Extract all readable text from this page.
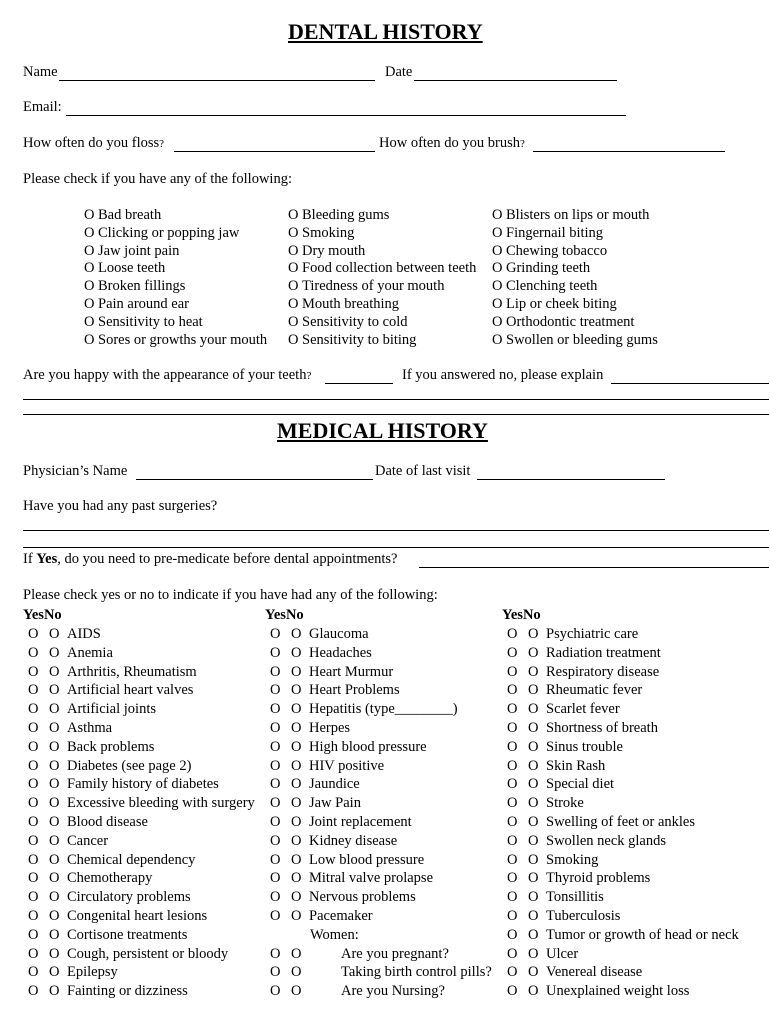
DENTAL HISTORY
Name	Date
Email:
How often do you floss?	How often do you brush?
Please check if you have any of the following:
O Bad breath
O Clicking or popping jaw
O Jaw joint pain
O Loose teeth
O Broken fillings
O Pain around ear
O Sensitivity to heat
O Sores or growths your mouth
O Bleeding gums
O Smoking
O Dry mouth
O Food collection between teeth
O Tiredness of your mouth
O Mouth breathing
O Sensitivity to cold
O Sensitivity to biting
O Blisters on lips or mouth
O Fingernail biting
O Chewing tobacco
O Grinding teeth
O Clenching teeth
O Lip or cheek biting
O Orthodontic treatment
O Swollen or bleeding gums
Are you happy with the appearance of your teeth?	If you answered no, please explain
MEDICAL HISTORY
Physician’s Name	Date of last visit
Have you had any past surgeries?
If Yes, do you need to pre-medicate before dental appointments?
Please check yes or no to indicate if you have had any of the following:
YesNo	YesNo	YesNo
O O AIDS
O O Anemia
O O Arthritis, Rheumatism
O O Artificial heart valves
O O Artificial joints
O O Asthma
O O Back problems
O O Diabetes (see page 2)
O O Family history of diabetes
O O Excessive bleeding with surgery
O O Blood disease
O O Cancer
O O Chemical dependency
O O Chemotherapy
O O Circulatory problems
O O Congenital heart lesions
O O Cortisone treatments
O O Cough, persistent or bloody
O O Epilepsy
O O Fainting or dizziness
O O Glaucoma
O O Headaches
O O Heart Murmur
O O Heart Problems
O O Hepatitis (type________)
O O Herpes
O O High blood pressure
O O HIV positive
O O Jaundice
O O Jaw Pain
O O Joint replacement
O O Kidney disease
O O Low blood pressure
O O Mitral valve prolapse
O O Nervous problems
O O Pacemaker
Women:
O O	Are you pregnant?
O O	Taking birth control pills?
O O	Are you Nursing?
O O Psychiatric care
O O Radiation treatment
O O Respiratory disease
O O Rheumatic fever
O O Scarlet fever
O O Shortness of breath
O O Sinus trouble
O O Skin Rash
O O Special diet
O O Stroke
O O Swelling of feet or ankles
O O Swollen neck glands
O O Smoking
O O Thyroid problems
O O Tonsillitis
O O Tuberculosis
O O Tumor or growth of head or neck
O O Ulcer
O O Venereal disease
O O Unexplained weight loss
